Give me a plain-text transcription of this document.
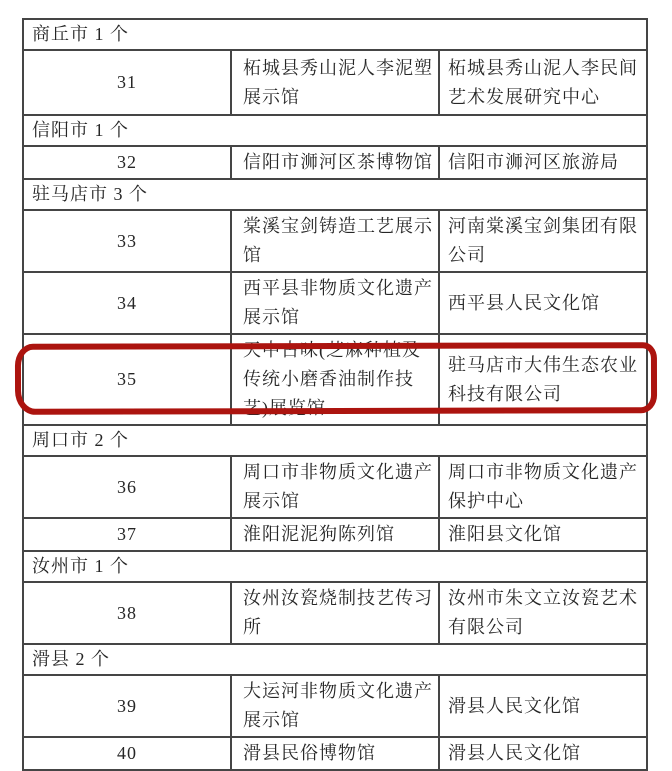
商丘市 1 个		
31	柘城县秀山泥人李泥塑展示馆	柘城县秀山泥人李民间艺术发展研究中心
信阳市 1 个		
32	信阳市浉河区茶博物馆	信阳市浉河区旅游局
驻马店市 3 个		
33	棠溪宝剑铸造工艺展示馆	河南棠溪宝剑集团有限公司
34	西平县非物质文化遗产展示馆	西平县人民文化馆
35	天中古味(芝麻种植及传统小磨香油制作技艺)展览馆	驻马店市大伟生态农业科技有限公司
周口市 2 个		
36	周口市非物质文化遗产展示馆	周口市非物质文化遗产保护中心
37	淮阳泥泥狗陈列馆	淮阳县文化馆
汝州市 1 个		
38	汝州汝瓷烧制技艺传习所	汝州市朱文立汝瓷艺术有限公司
滑县 2 个		
39	大运河非物质文化遗产展示馆	滑县人民文化馆
40	滑县民俗博物馆	滑县人民文化馆
